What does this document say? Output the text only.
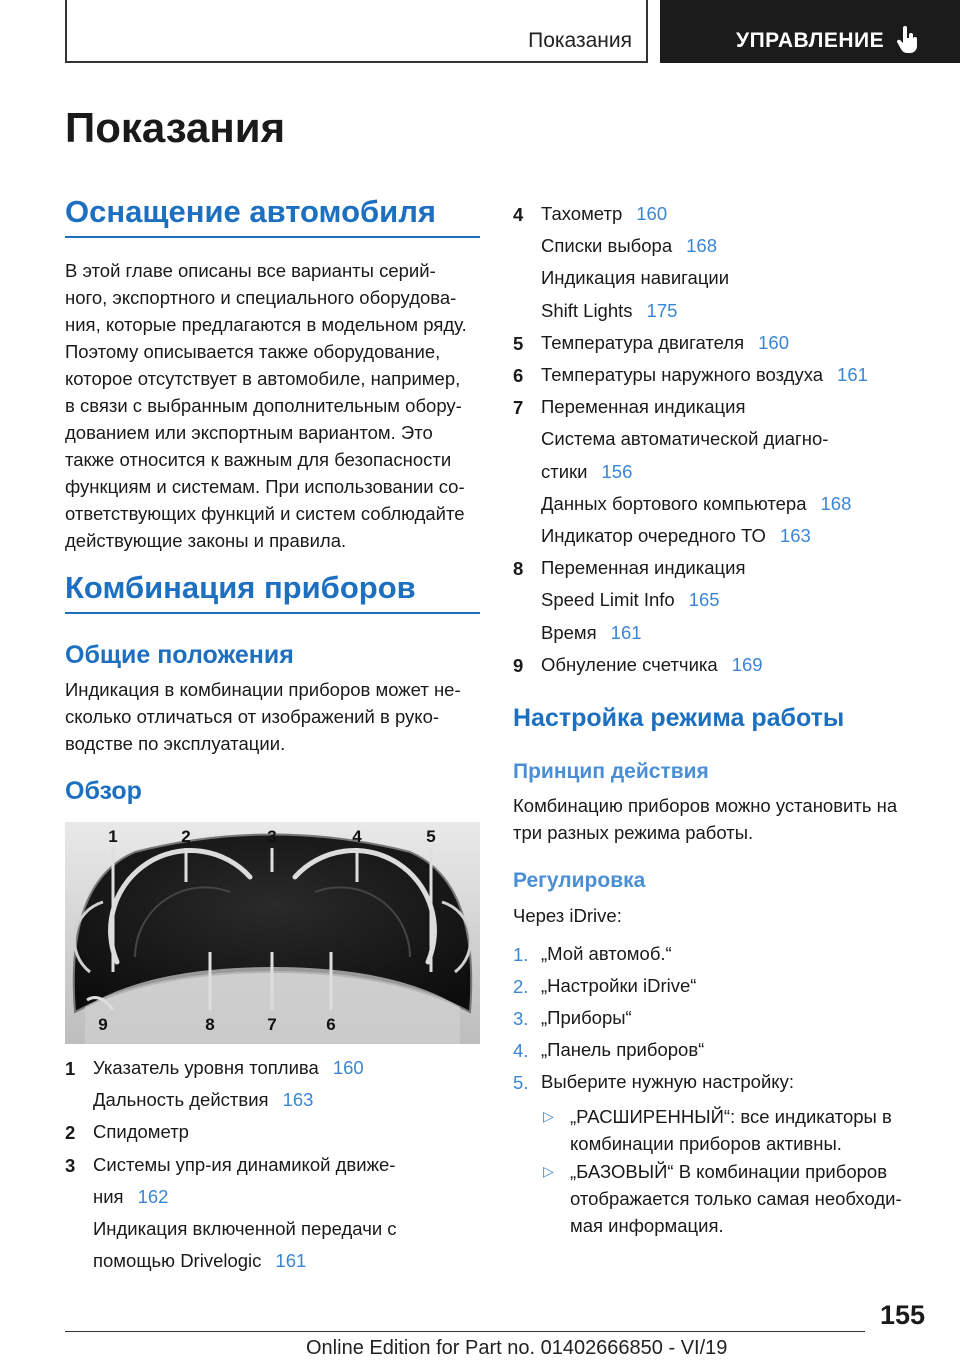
Показания	УПРАВЛЕНИЕ
Показания
Оснащение автомобиля
В этой главе описаны все варианты серий-
ного, экспортного и специального оборудова-
ния, которые предлагаются в модельном ряду.
Поэтому описывается также оборудование,
которое отсутствует в автомобиле, например,
в связи с выбранным дополнительным обору-
дованием или экспортным вариантом. Это
также относится к важным для безопасности
функциям и системам. При использовании со-
ответствующих функций и систем соблюдайте
действующие законы и правила.
Комбинация приборов
Общие положения
Индикация в комбинации приборов может не-
сколько отличаться от изображений в руко-
водстве по эксплуатации.
Обзор
1	2	3	4	5
9	8	7	6
1 Указатель уровня топлива 160
Дальность действия 163
2 Спидометр
3 Системы упр-ия динамикой движе-
ния 162
Индикация включенной передачи с
помощью Drivelogic 161
4 Тахометр 160
Списки выбора 168
Индикация навигации
Shift Lights 175
5 Температура двигателя 160
6 Температуры наружного воздуха 161
7 Переменная индикация
Система автоматической диагно-
стики 156
Данных бортового компьютера 168
Индикатор очередного ТО 163
8 Переменная индикация
Speed Limit Info 165
Время 161
9 Обнуление счетчика 169
Настройка режима работы
Принцип действия
Комбинацию приборов можно установить на
три разных режима работы.
Регулировка
Через iDrive:
1. „Мой автомоб.“
2. „Настройки iDrive“
3. „Приборы“
4. „Панель приборов“
5. Выберите нужную настройку:
▷ „РАСШИРЕННЫЙ“: все индикаторы в
комбинации приборов активны.
▷ „БАЗОВЫЙ“ В комбинации приборов
отображается только самая необходи-
мая информация.
155
Online Edition for Part no. 01402666850 - VI/19
